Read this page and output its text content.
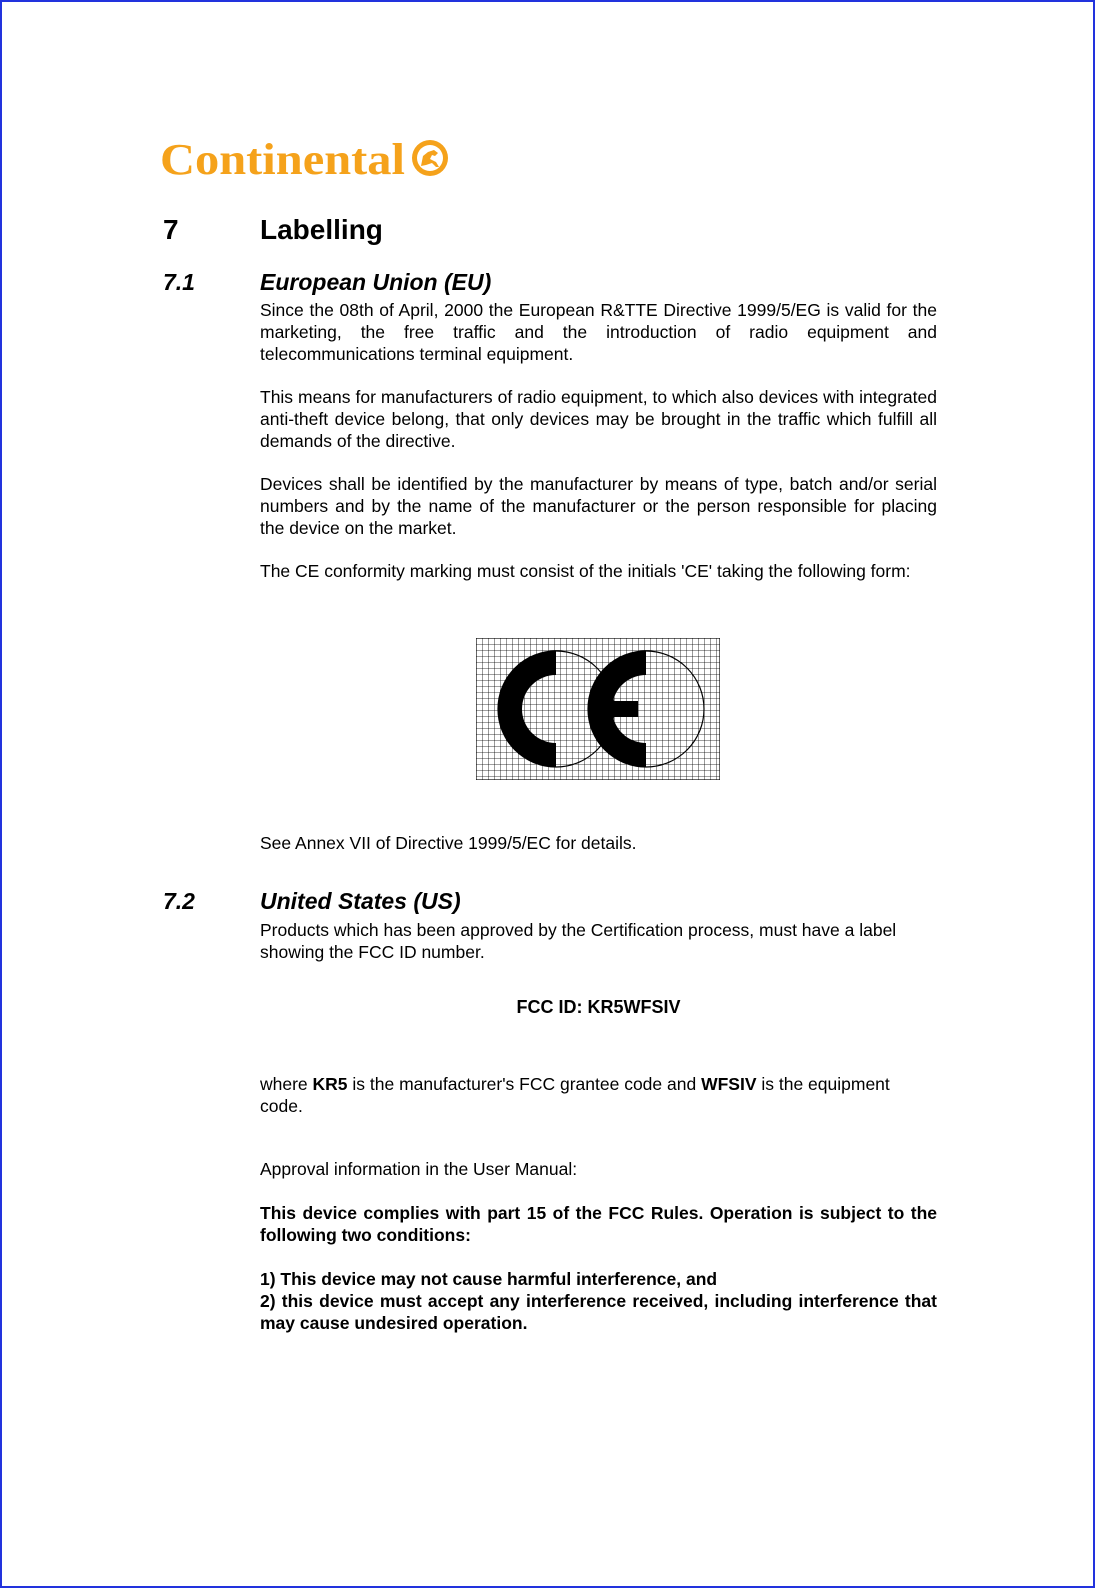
Continental
7	Labelling
7.1	European Union (EU)

Since the 08th of April, 2000 the European R&TTE Directive 1999/5/EG is valid for the marketing, the free traffic and the introduction of radio equipment and telecommunications terminal equipment.

This means for manufacturers of radio equipment, to which also devices with integrated anti-theft device belong, that only devices may be brought in the traffic which fulfill all demands of the directive.

Devices shall be identified by the manufacturer by means of type, batch and/or serial numbers and by the name of the manufacturer or the person responsible for placing the device on the market.

The CE conformity marking must consist of the initials 'CE' taking the following form:

See Annex VII of Directive 1999/5/EC for details.

7.2	United States (US)

Products which has been approved by the Certification process, must have a label showing the FCC ID number.

FCC ID: KR5WFSIV

where KR5 is the manufacturer's FCC grantee code and WFSIV is the equipment code.

Approval information in the User Manual:

This device complies with part 15 of the FCC Rules. Operation is subject to the following two conditions:

1) This device may not cause harmful interference, and

2) this device must accept any interference received, including interference that may cause undesired operation.
